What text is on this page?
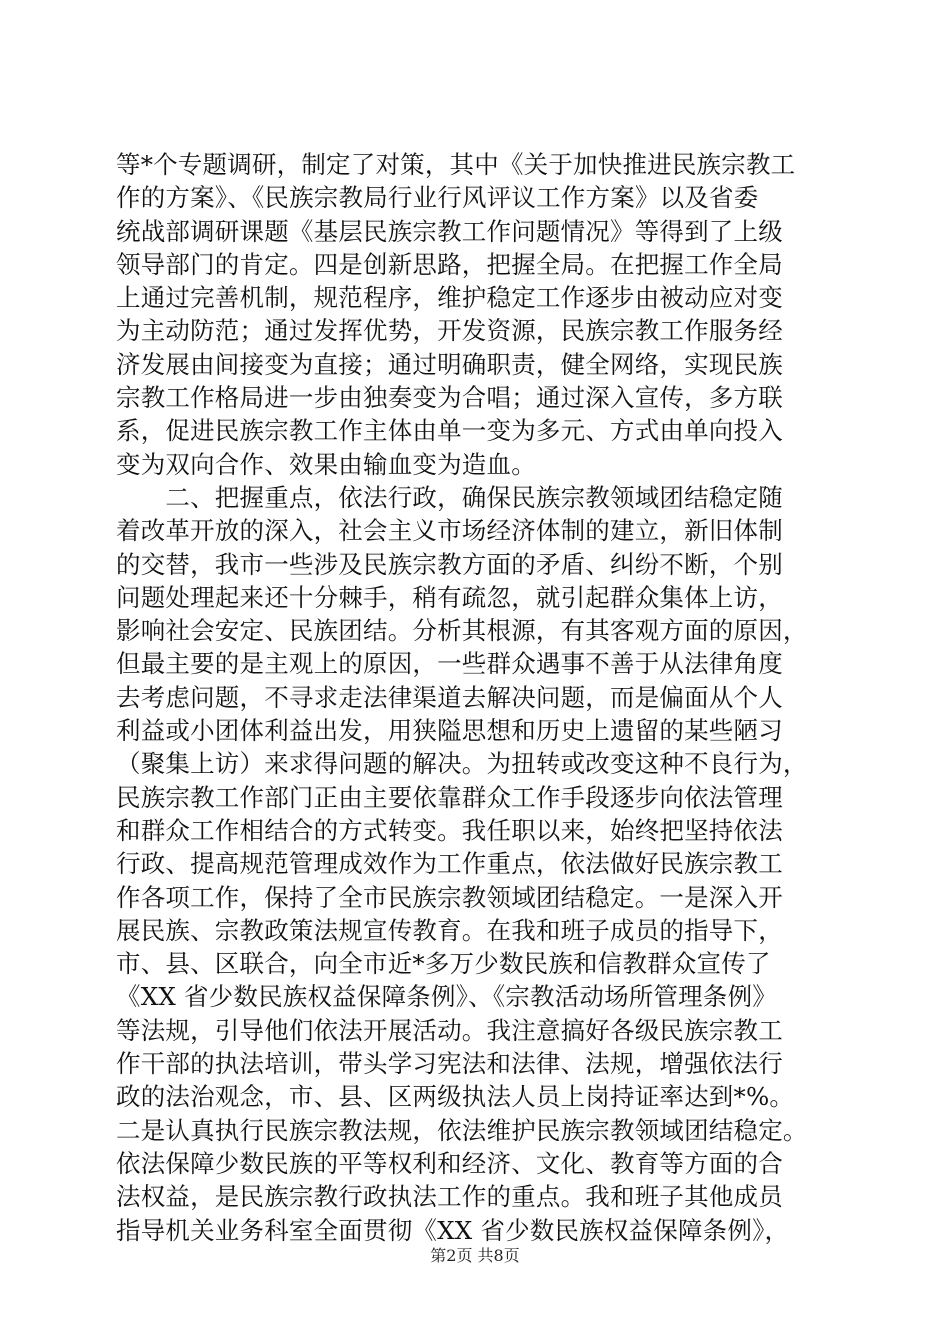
等*个专题调研，制定了对策，其中《关于加快推进民族宗教工
作的方案》、《民族宗教局行业行风评议工作方案》以及省委
统战部调研课题《基层民族宗教工作问题情况》等得到了上级
领导部门的肯定。四是创新思路，把握全局。在把握工作全局
上通过完善机制，规范程序，维护稳定工作逐步由被动应对变
为主动防范；通过发挥优势，开发资源，民族宗教工作服务经
济发展由间接变为直接；通过明确职责，健全网络，实现民族
宗教工作格局进一步由独奏变为合唱；通过深入宣传，多方联
系，促进民族宗教工作主体由单一变为多元、方式由单向投入
变为双向合作、效果由输血变为造血。
　　二、把握重点，依法行政，确保民族宗教领域团结稳定随
着改革开放的深入，社会主义市场经济体制的建立，新旧体制
的交替，我市一些涉及民族宗教方面的矛盾、纠纷不断，个别
问题处理起来还十分棘手，稍有疏忽，就引起群众集体上访，
影响社会安定、民族团结。分析其根源，有其客观方面的原因，
但最主要的是主观上的原因，一些群众遇事不善于从法律角度
去考虑问题，不寻求走法律渠道去解决问题，而是偏面从个人
利益或小团体利益出发，用狭隘思想和历史上遗留的某些陋习
（聚集上访）来求得问题的解决。为扭转或改变这种不良行为，
民族宗教工作部门正由主要依靠群众工作手段逐步向依法管理
和群众工作相结合的方式转变。我任职以来，始终把坚持依法
行政、提高规范管理成效作为工作重点，依法做好民族宗教工
作各项工作，保持了全市民族宗教领域团结稳定。一是深入开
展民族、宗教政策法规宣传教育。在我和班子成员的指导下，
市、县、区联合，向全市近*多万少数民族和信教群众宣传了
《XX 省少数民族权益保障条例》、《宗教活动场所管理条例》
等法规，引导他们依法开展活动。我注意搞好各级民族宗教工
作干部的执法培训，带头学习宪法和法律、法规，增强依法行
政的法治观念，市、县、区两级执法人员上岗持证率达到*%。
二是认真执行民族宗教法规，依法维护民族宗教领域团结稳定。
依法保障少数民族的平等权利和经济、文化、教育等方面的合
法权益，是民族宗教行政执法工作的重点。我和班子其他成员
指导机关业务科室全面贯彻《XX 省少数民族权益保障条例》，
第2页 共8页
